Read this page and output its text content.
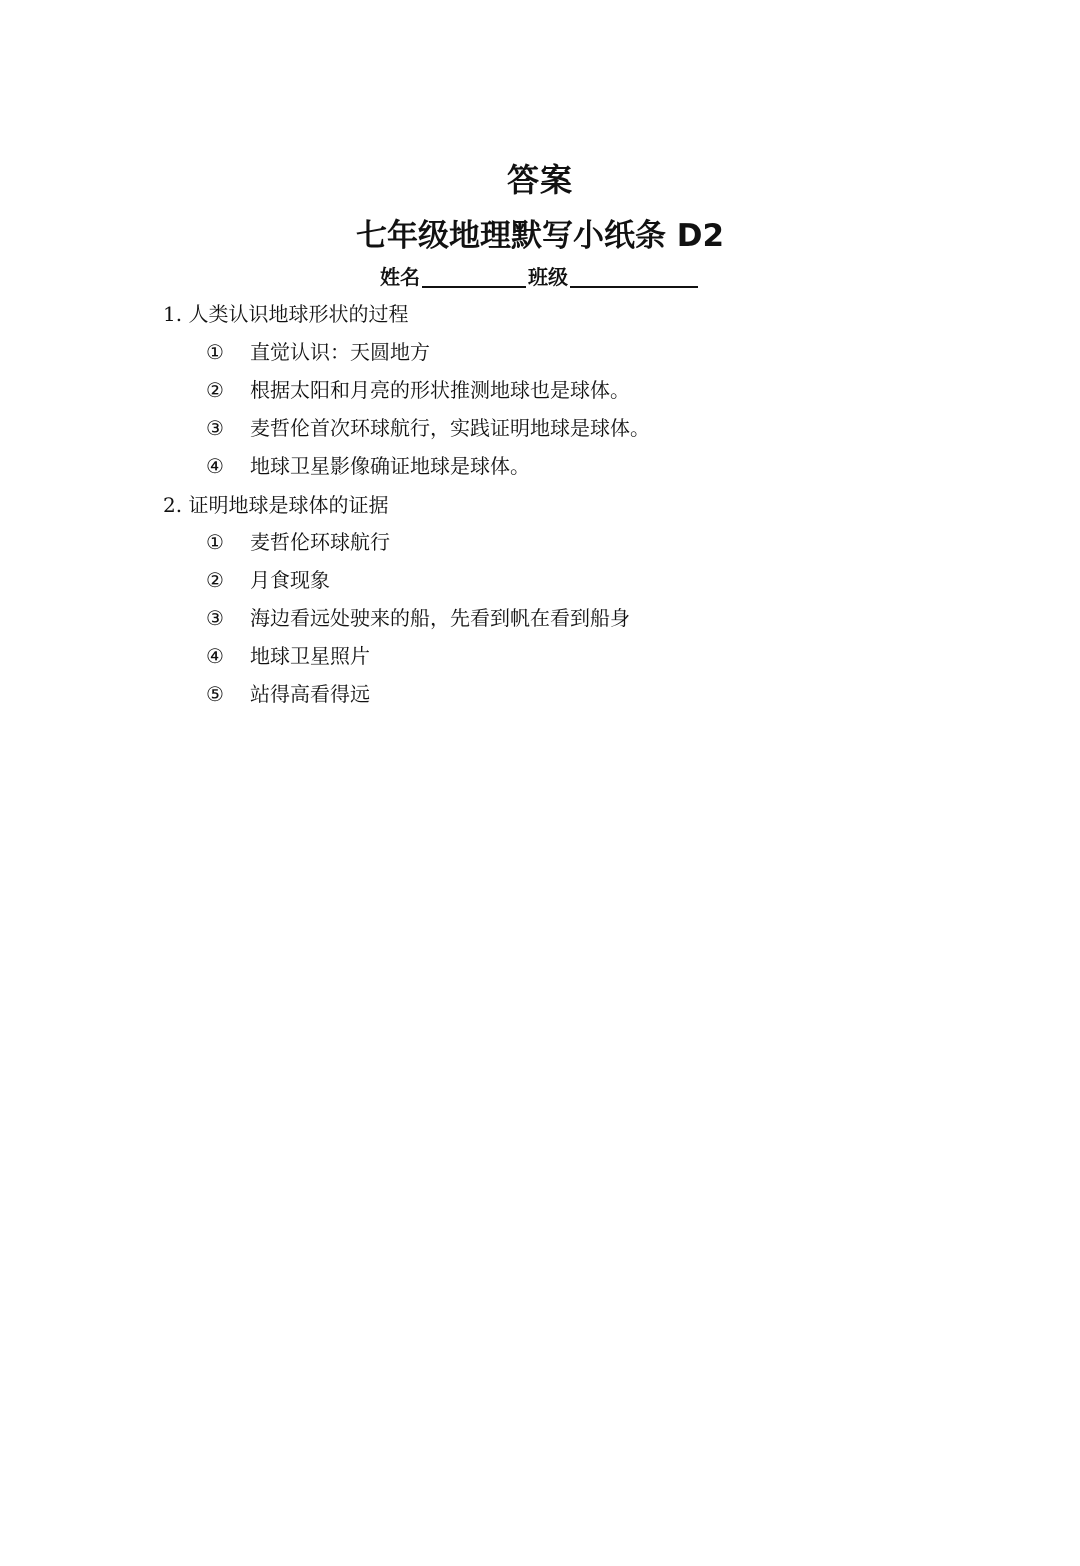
答案
七年级地理默写小纸条 D2
姓名	班级
1. 人类认识地球形状的过程
① 直觉认识：天圆地方
② 根据太阳和月亮的形状推测地球也是球体。
③ 麦哲伦首次环球航行，实践证明地球是球体。
④ 地球卫星影像确证地球是球体。
2. 证明地球是球体的证据
① 麦哲伦环球航行
② 月食现象
③ 海边看远处驶来的船，先看到帆在看到船身
④ 地球卫星照片
⑤ 站得高看得远
